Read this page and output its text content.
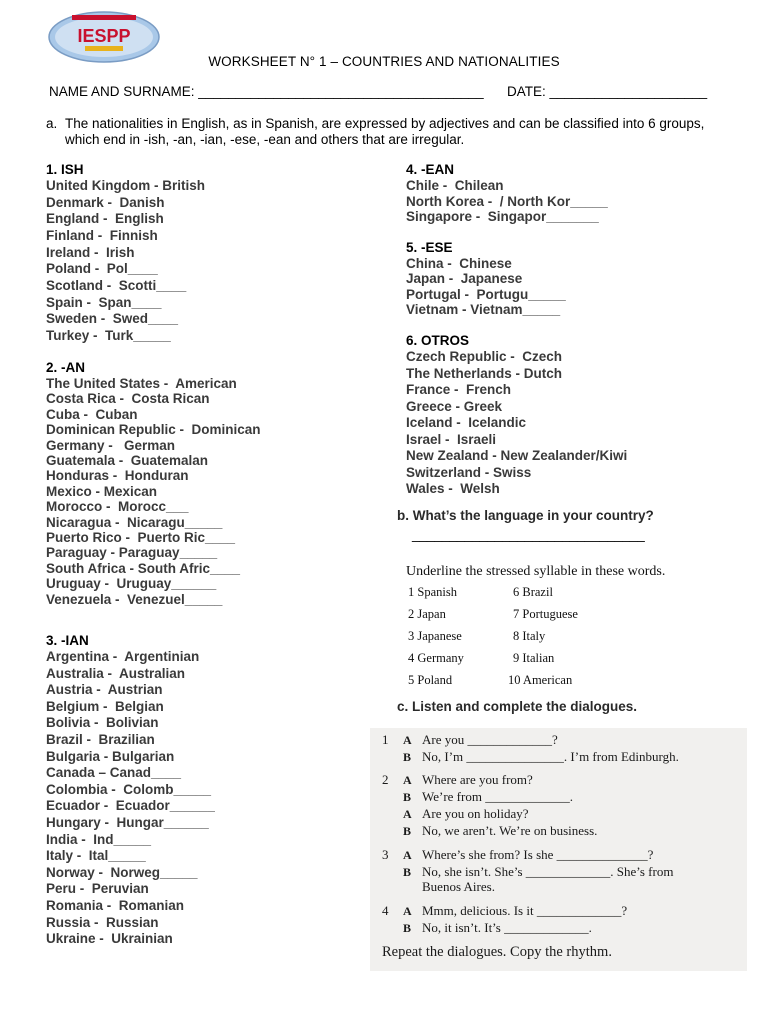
IESPP
WORKSHEET N° 1 – COUNTRIES AND NATIONALITIES
NAME AND SURNAME: ______________________________________ DATE: _____________________
a. The nationalities in English, as in Spanish, are expressed by adjectives and can be classified into 6 groups, which end in -ish, -an, -ian, -ese, -ean and others that are irregular.
1. ISH
United Kingdom - British
Denmark -  Danish
England -  English
Finland -  Finnish
Ireland -  Irish
Poland -  Pol____
Scotland -  Scotti____
Spain -  Span____
Sweden -  Swed____
Turkey -  Turk_____
2. -AN
The United States -  American
Costa Rica -  Costa Rican
Cuba -  Cuban
Dominican Republic -  Dominican
Germany -   German
Guatemala -  Guatemalan
Honduras -  Honduran
Mexico - Mexican
Morocco -  Morocc___
Nicaragua -  Nicaragu_____
Puerto Rico -  Puerto Ric____
Paraguay - Paraguay_____
South Africa - South Afric____
Uruguay -  Uruguay______
Venezuela -  Venezuel_____
3. -IAN
Argentina -  Argentinian
Australia -  Australian
Austria -  Austrian
Belgium -  Belgian
Bolivia -  Bolivian
Brazil -  Brazilian
Bulgaria - Bulgarian
Canada – Canad____
Colombia -  Colomb_____
Ecuador -  Ecuador______
Hungary -  Hungar______
India -  Ind_____
Italy -  Ital_____
Norway -  Norweg_____
Peru -  Peruvian
Romania -  Romanian
Russia -  Russian
Ukraine -  Ukrainian
4. -EAN
Chile -  Chilean
North Korea -  / North Kor_____
Singapore -  Singapor_______
5. -ESE
China -  Chinese
Japan -  Japanese
Portugal -  Portugu_____
Vietnam - Vietnam_____
6. OTROS
Czech Republic -  Czech
The Netherlands - Dutch
France -  French
Greece - Greek
Iceland -  Icelandic
Israel -  Israeli
New Zealand - New Zealander/Kiwi
Switzerland - Swiss
Wales -  Welsh
b. What’s the language in your country?
_______________________________
Underline the stressed syllable in these words.
1 Spanish
2 Japan
3 Japanese
4 Germany
5 Poland
6 Brazil
7 Portuguese
8 Italy
9 Italian
10 American
c. Listen and complete the dialogues.
1 A Are you _____________?
B No, I’m _______________. I’m from Edinburgh.
2 A Where are you from?
B We’re from _____________.
A Are you on holiday?
B No, we aren’t. We’re on business.
3 A Where’s she from? Is she ______________?
B No, she isn’t. She’s _____________. She’s from
Buenos Aires.
4 A Mmm, delicious. Is it _____________?
B No, it isn’t. It’s _____________.
Repeat the dialogues. Copy the rhythm.
